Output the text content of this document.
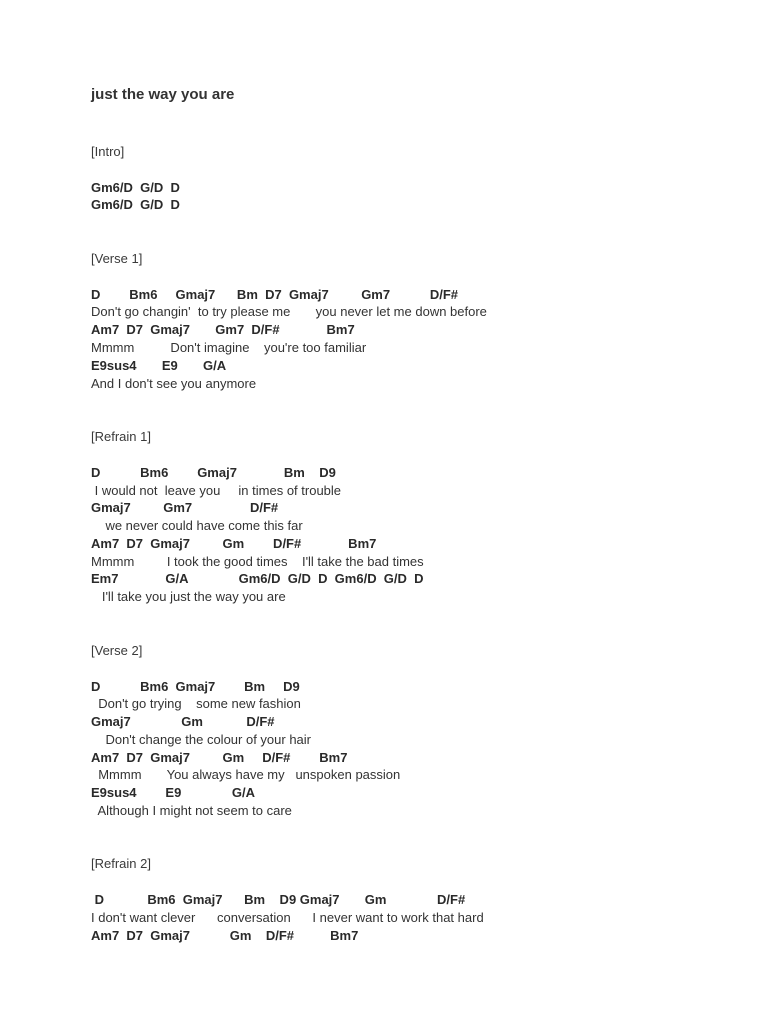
just the way you are
[Intro]
Gm6/D  G/D  D
Gm6/D  G/D  D
[Verse 1]
D        Bm6     Gmaj7      Bm  D7  Gmaj7         Gm7           D/F#
Don't go changin'  to try please me       you never let me down before
Am7  D7  Gmaj7       Gm7  D/F#             Bm7
Mmmm          Don't imagine    you're too familiar
E9sus4       E9       G/A
And I don't see you anymore
[Refrain 1]
D           Bm6        Gmaj7             Bm    D9
I would not  leave you     in times of trouble
Gmaj7         Gm7                D/F#
we never could have come this far
Am7  D7  Gmaj7         Gm        D/F#             Bm7
Mmmm         I took the good times    I'll take the bad times
Em7             G/A              Gm6/D  G/D  D  Gm6/D  G/D  D
I'll take you just the way you are
[Verse 2]
D           Bm6  Gmaj7        Bm     D9
Don't go trying    some new fashion
Gmaj7              Gm            D/F#
Don't change the colour of your hair
Am7  D7  Gmaj7         Gm     D/F#        Bm7
Mmmm       You always have my   unspoken passion
E9sus4        E9              G/A
Although I might not seem to care
[Refrain 2]
D            Bm6  Gmaj7      Bm    D9 Gmaj7       Gm              D/F#
I don't want clever      conversation      I never want to work that hard
Am7  D7  Gmaj7           Gm    D/F#          Bm7
